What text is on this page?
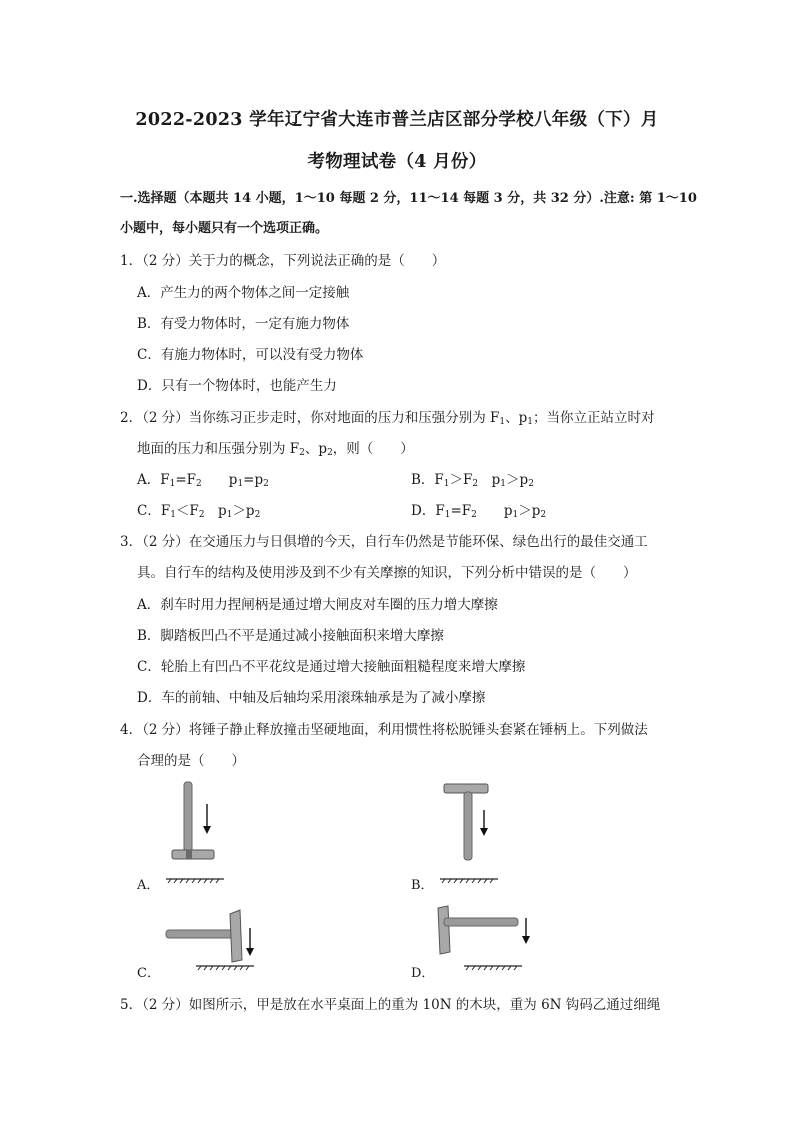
2022-2023 学年辽宁省大连市普兰店区部分学校八年级（下）月
考物理试卷（4 月份）
一.选择题（本题共 14 小题，1～10 每题 2 分，11～14 每题 3 分，共 32 分）.注意: 第 1～10
小题中，每小题只有一个选项正确。
1．（2 分）关于力的概念，下列说法正确的是（　　）
A．产生力的两个物体之间一定接触
B．有受力物体时，一定有施力物体
C．有施力物体时，可以没有受力物体
D．只有一个物体时，也能产生力
2．（2 分）当你练习正步走时，你对地面的压力和压强分别为 $F_1$、$p_1$；当你立正站立时对
地面的压力和压强分别为 $F_2$、$p_2$，则（　　）
A．$F_1=F_2$　　$p_1=p_2$	B．$F_1>F_2$　$p_1>p_2$
C．$F_1<F_2$　$p_1>p_2$	D．$F_1=F_2$　　$p_1>p_2$
3．（2 分）在交通压力与日俱增的今天，自行车仍然是节能环保、绿色出行的最佳交通工
具。自行车的结构及使用涉及到不少有关摩擦的知识，下列分析中错误的是（　　）
A．刹车时用力捏闸柄是通过增大闸皮对车圈的压力增大摩擦
B．脚踏板凹凸不平是通过减小接触面积来增大摩擦
C．轮胎上有凹凸不平花纹是通过增大接触面粗糙程度来增大摩擦
D．车的前轴、中轴及后轴均采用滚珠轴承是为了减小摩擦
4．（2 分）将锤子静止释放撞击坚硬地面，利用惯性将松脱锤头套紧在锤柄上。下列做法
合理的是（　　）
A．	B．
C．	D．
5．（2 分）如图所示，甲是放在水平桌面上的重为 10N 的木块，重为 6N 钩码乙通过细绳
